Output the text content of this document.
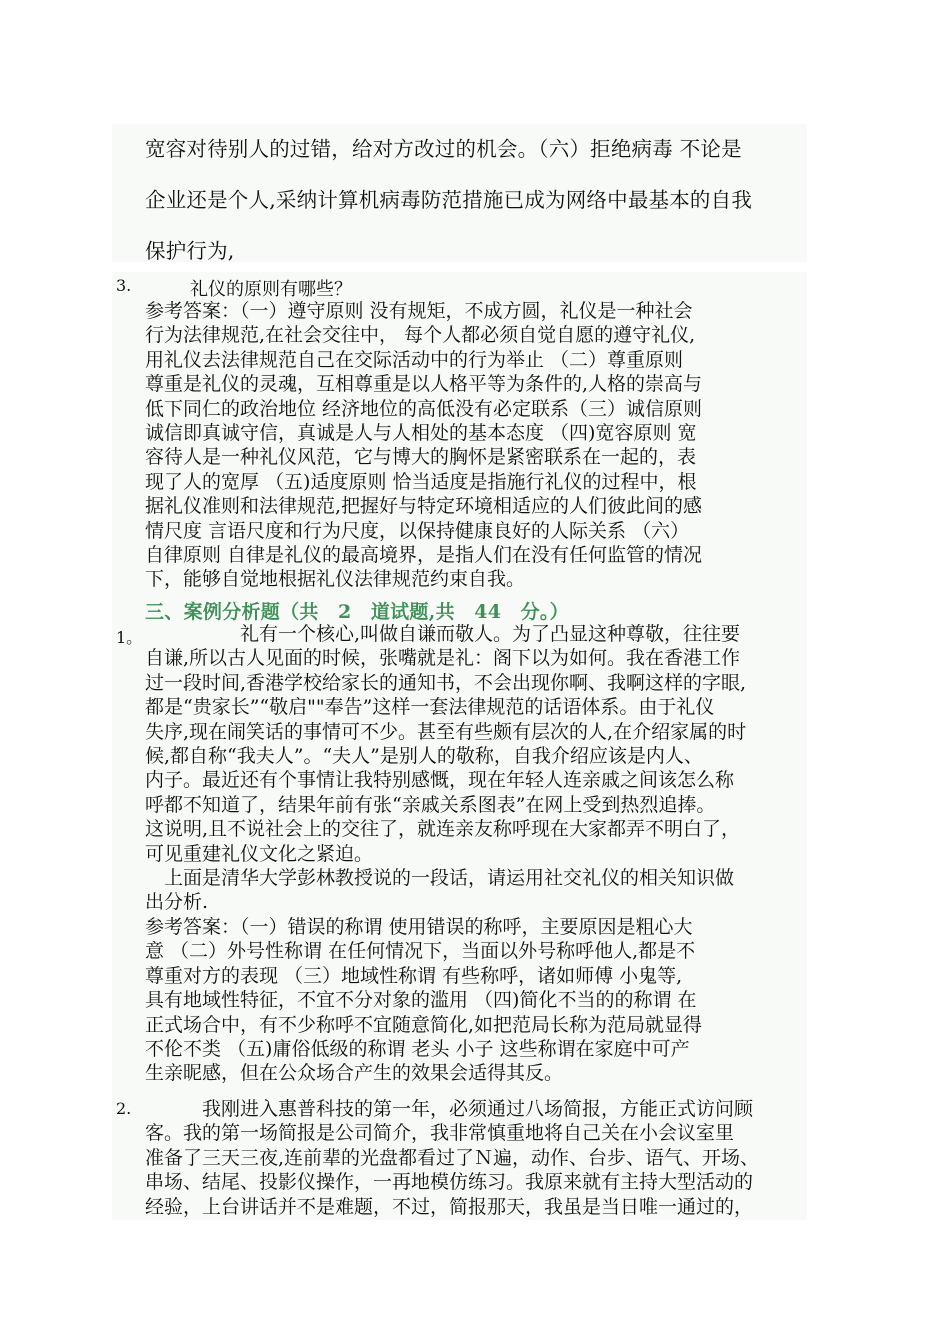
宽容对待别人的过错，给对方改过的机会。（六）拒绝病毒 不论是

企业还是个人,采纳计算机病毒防范措施已成为网络中最基本的自我

保护行为,

3.	礼仪的原则有哪些？

参考答案：（一）遵守原则 没有规矩，不成方圆，礼仪是一种社会

行为法律规范,在社会交往中， 每个人都必须自觉自愿的遵守礼仪,

用礼仪去法律规范自己在交际活动中的行为举止 （二）尊重原则

尊重是礼仪的灵魂，互相尊重是以人格平等为条件的,人格的崇高与

低下同仁的政治地位 经济地位的高低没有必定联系（三）诚信原则

诚信即真诚守信，真诚是人与人相处的基本态度 （四)宽容原则 宽

容待人是一种礼仪风范，它与博大的胸怀是紧密联系在一起的，表

现了人的宽厚 （五)适度原则 恰当适度是指施行礼仪的过程中，根

据礼仪准则和法律规范,把握好与特定环境相适应的人们彼此间的感

情尺度 言语尺度和行为尺度，以保持健康良好的人际关系 （六）

自律原则 自律是礼仪的最高境界，是指人们在没有任何监管的情况

下，能够自觉地根据礼仪法律规范约束自我。

三、案例分析题（共　2　道试题,共　44　分。）
1。 　　　　　礼有一个核心,叫做自谦而敬人。为了凸显这种尊敬，往往要

自谦,所以古人见面的时候，张嘴就是礼：阁下以为如何。我在香港工作

过一段时间,香港学校给家长的通知书，不会出现你啊、我啊这样的字眼,

都是“贵家长”“敬启""奉告”这样一套法律规范的话语体系。由于礼仪

失序,现在闹笑话的事情可不少。甚至有些颇有层次的人,在介绍家属的时

候,都自称“我夫人”。“夫人”是别人的敬称，自我介绍应该是内人、

内子。最近还有个事情让我特别感慨，现在年轻人连亲戚之间该怎么称

呼都不知道了，结果年前有张“亲戚关系图表”在网上受到热烈追捧。

这说明,且不说社会上的交往了，就连亲友称呼现在大家都弄不明白了，

可见重建礼仪文化之紧迫。

　上面是清华大学彭林教授说的一段话，请运用社交礼仪的相关知识做

出分析.

参考答案：（一）错误的称谓 使用错误的称呼，主要原因是粗心大

意 （二）外号性称谓 在任何情况下，当面以外号称呼他人,都是不

尊重对方的表现 （三）地域性称谓 有些称呼，诸如师傅 小鬼等,

具有地域性特征，不宜不分对象的滥用 （四)简化不当的的称谓 在

正式场合中，有不少称呼不宜随意简化,如把范局长称为范局就显得

不伦不类 （五)庸俗低级的称谓 老头 小子 这些称谓在家庭中可产

生亲昵感，但在公众场合产生的效果会适得其反。

2. 　　　我刚进入惠普科技的第一年，必须通过八场简报，方能正式访问顾

客。我的第一场简报是公司简介，我非常慎重地将自己关在小会议室里

准备了三天三夜,连前辈的光盘都看过了Ｎ遍，动作、台步、语气、开场、

串场、结尾、投影仪操作，一再地模仿练习。我原来就有主持大型活动的

经验，上台讲话并不是难题，不过，简报那天，我虽是当日唯一通过的，
